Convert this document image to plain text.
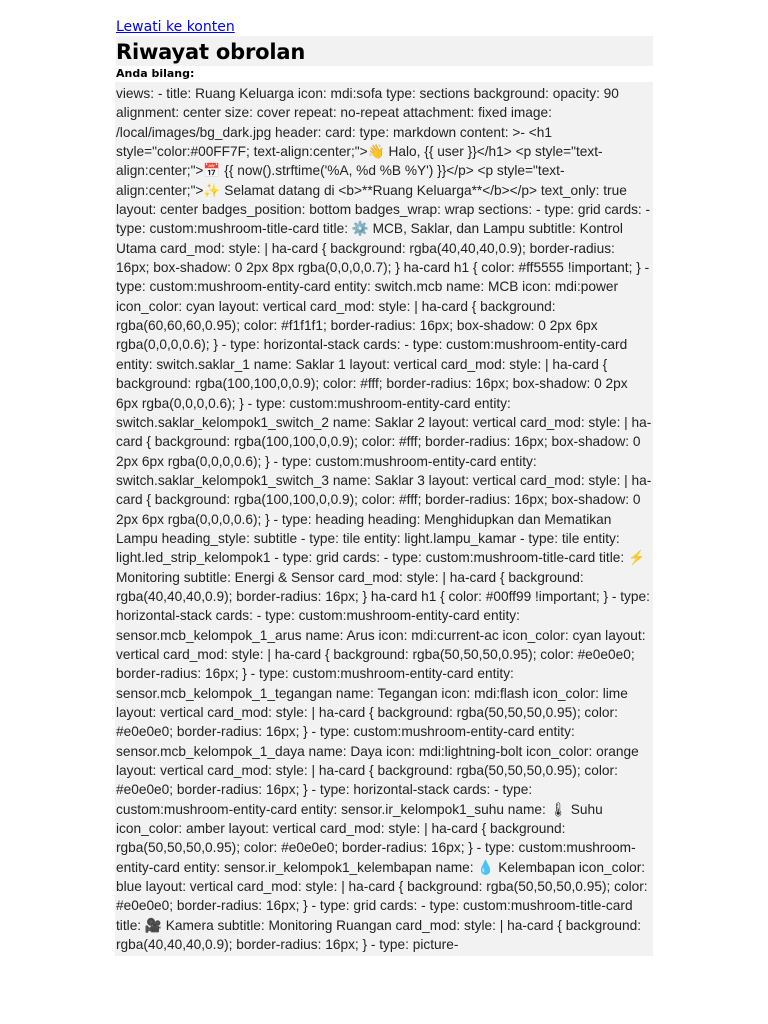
Lewati ke konten
Riwayat obrolan
Anda bilang:

views: - title: Ruang Keluarga icon: mdi:sofa type: sections background: opacity: 90 alignment: center size: cover repeat: no-repeat attachment: fixed image: /local/images/bg_dark.jpg header: card: type: markdown content: >- <h1 style="color:#00FF7F; text-align:center;">👋 Halo, {{ user }}</h1> <p style="text-align:center;">📅 {{ now().strftime('%A, %d %B %Y') }}</p> <p style="text-align:center;">✨ Selamat datang di <b>**Ruang Keluarga**</b></p> text_only: true layout: center badges_position: bottom badges_wrap: wrap sections: - type: grid cards: - type: custom:mushroom-title-card title: ⚙️ MCB, Saklar, dan Lampu subtitle: Kontrol Utama card_mod: style: | ha-card { background: rgba(40,40,40,0.9); border-radius: 16px; box-shadow: 0 2px 8px rgba(0,0,0,0.7); } ha-card h1 { color: #ff5555 !important; } - type: custom:mushroom-entity-card entity: switch.mcb name: MCB icon: mdi:power icon_color: cyan layout: vertical card_mod: style: | ha-card { background: rgba(60,60,60,0.95); color: #f1f1f1; border-radius: 16px; box-shadow: 0 2px 6px rgba(0,0,0,0.6); } - type: horizontal-stack cards: - type: custom:mushroom-entity-card entity: switch.saklar_1 name: Saklar 1 layout: vertical card_mod: style: | ha-card { background: rgba(100,100,0,0.9); color: #fff; border-radius: 16px; box-shadow: 0 2px 6px rgba(0,0,0,0.6); } - type: custom:mushroom-entity-card entity: switch.saklar_kelompok1_switch_2 name: Saklar 2 layout: vertical card_mod: style: | ha-card { background: rgba(100,100,0,0.9); color: #fff; border-radius: 16px; box-shadow: 0 2px 6px rgba(0,0,0,0.6); } - type: custom:mushroom-entity-card entity: switch.saklar_kelompok1_switch_3 name: Saklar 3 layout: vertical card_mod: style: | ha-card { background: rgba(100,100,0,0.9); color: #fff; border-radius: 16px; box-shadow: 0 2px 6px rgba(0,0,0,0.6); } - type: heading heading: Menghidupkan dan Mematikan Lampu heading_style: subtitle - type: tile entity: light.lampu_kamar - type: tile entity: light.led_strip_kelompok1 - type: grid cards: - type: custom:mushroom-title-card title: ⚡ Monitoring subtitle: Energi & Sensor card_mod: style: | ha-card { background: rgba(40,40,40,0.9); border-radius: 16px; } ha-card h1 { color: #00ff99 !important; } - type: horizontal-stack cards: - type: custom:mushroom-entity-card entity: sensor.mcb_kelompok_1_arus name: Arus icon: mdi:current-ac icon_color: cyan layout: vertical card_mod: style: | ha-card { background: rgba(50,50,50,0.95); color: #e0e0e0; border-radius: 16px; } - type: custom:mushroom-entity-card entity: sensor.mcb_kelompok_1_tegangan name: Tegangan icon: mdi:flash icon_color: lime layout: vertical card_mod: style: | ha-card { background: rgba(50,50,50,0.95); color: #e0e0e0; border-radius: 16px; } - type: custom:mushroom-entity-card entity: sensor.mcb_kelompok_1_daya name: Daya icon: mdi:lightning-bolt icon_color: orange layout: vertical card_mod: style: | ha-card { background: rgba(50,50,50,0.95); color: #e0e0e0; border-radius: 16px; } - type: horizontal-stack cards: - type: custom:mushroom-entity-card entity: sensor.ir_kelompok1_suhu name: 🌡 Suhu icon_color: amber layout: vertical card_mod: style: | ha-card { background: rgba(50,50,50,0.95); color: #e0e0e0; border-radius: 16px; } - type: custom:mushroom-entity-card entity: sensor.ir_kelompok1_kelembapan name: 💧 Kelembapan icon_color: blue layout: vertical card_mod: style: | ha-card { background: rgba(50,50,50,0.95); color: #e0e0e0; border-radius: 16px; } - type: grid cards: - type: custom:mushroom-title-card title: 🎥 Kamera subtitle: Monitoring Ruangan card_mod: style: | ha-card { background: rgba(40,40,40,0.9); border-radius: 16px; } - type: picture-
